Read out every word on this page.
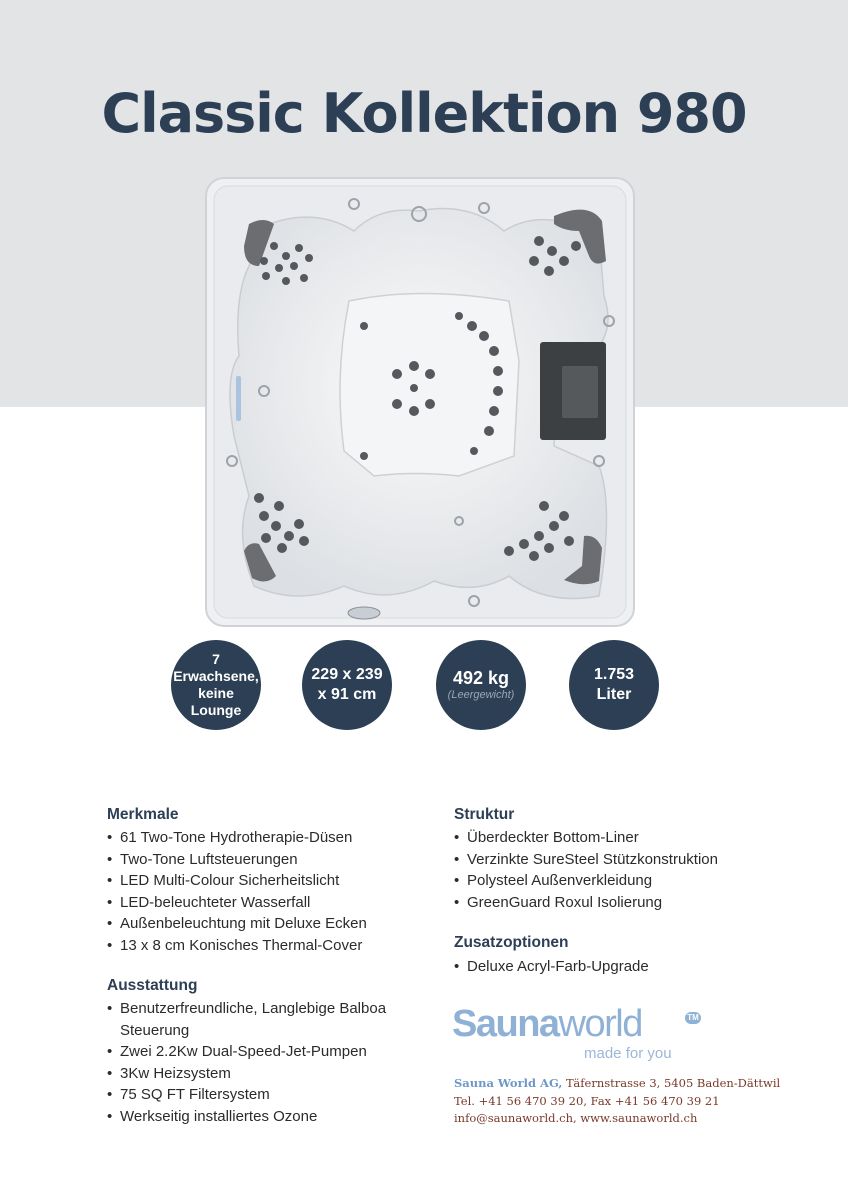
Classic Kollektion 980
7
Erwachsene,
keine
Lounge
229 x 239
x 91 cm
492 kg
(Leergewicht)
1.753
Liter
Merkmale
• 61 Two-Tone Hydrotherapie-Düsen
• Two-Tone Luftsteuerungen
• LED Multi-Colour Sicherheitslicht
• LED-beleuchteter Wasserfall
• Außenbeleuchtung mit Deluxe Ecken
• 13 x 8 cm Konisches Thermal-Cover
Ausstattung
• Benutzerfreundliche, Langlebige Balboa Steuerung
• Zwei 2.2Kw Dual-Speed-Jet-Pumpen
• 3Kw Heizsystem
• 75 SQ FT Filtersystem
• Werkseitig installiertes Ozone
Struktur
• Überdeckter Bottom-Liner
• Verzinkte SureSteel Stützkonstruktion
• Polysteel Außenverkleidung
• GreenGuard Roxul Isolierung
Zusatzoptionen
• Deluxe Acryl-Farb-Upgrade
Saunaworld	TM
made for you
Sauna World AG, Täfernstrasse 3, 5405 Baden-Dättwil
Tel. +41 56 470 39 20, Fax +41 56 470 39 21
info@saunaworld.ch, www.saunaworld.ch
